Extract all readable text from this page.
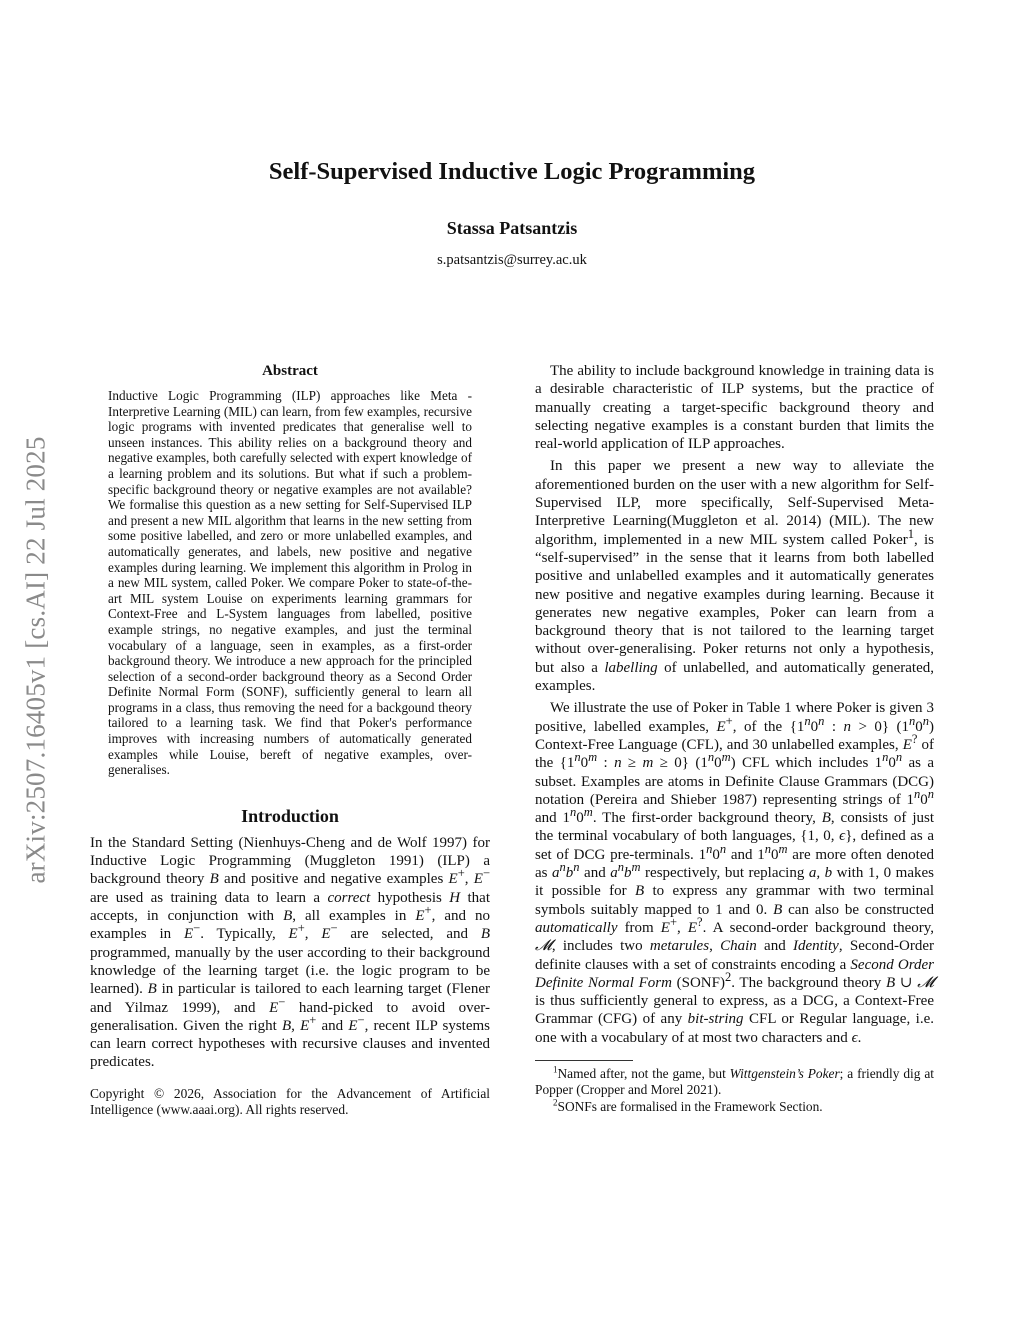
arXiv:2507.16405v1 [cs.AI] 22 Jul 2025
Self-Supervised Inductive Logic Programming
Stassa Patsantzis
s.patsantzis@surrey.ac.uk
Abstract

Inductive Logic Programming (ILP) approaches like Meta - Interpretive Learning (MIL) can learn, from few examples, recursive logic programs with invented predicates that generalise well to unseen instances. This ability relies on a background theory and negative examples, both carefully selected with expert knowledge of a learning problem and its solutions. But what if such a problem-specific background theory or negative examples are not available? We formalise this question as a new setting for Self-Supervised ILP and present a new MIL algorithm that learns in the new setting from some positive labelled, and zero or more unlabelled examples, and automatically generates, and labels, new positive and negative examples during learning. We implement this algorithm in Prolog in a new MIL system, called Poker. We compare Poker to state-of-the-art MIL system Louise on experiments learning grammars for Context-Free and L-System languages from labelled, positive example strings, no negative examples, and just the terminal vocabulary of a language, seen in examples, as a first-order background theory. We introduce a new approach for the principled selection of a second-order background theory as a Second Order Definite Normal Form (SONF), sufficiently general to learn all programs in a class, thus removing the need for a backgound theory tailored to a learning task. We find that Poker's performance improves with increasing numbers of automatically generated examples while Louise, bereft of negative examples, over-generalises.

Introduction

In the Standard Setting (Nienhuys-Cheng and de Wolf 1997) for Inductive Logic Programming (Muggleton 1991) (ILP) a background theory B and positive and negative examples E+, E− are used as training data to learn a correct hypothesis H that accepts, in conjunction with B, all examples in E+, and no examples in E−. Typically, E+, E− are selected, and B programmed, manually by the user according to their background knowledge of the learning target (i.e. the logic program to be learned). B in particular is tailored to each learning target (Flener and Yilmaz 1999), and E− hand-picked to avoid over-generalisation. Given the right B, E+ and E−, recent ILP systems can learn correct hypotheses with recursive clauses and invented predicates.

Copyright © 2026, Association for the Advancement of Artificial Intelligence (www.aaai.org). All rights reserved.

The ability to include background knowledge in training data is a desirable characteristic of ILP systems, but the practice of manually creating a target-specific background theory and selecting negative examples is a constant burden that limits the real-world application of ILP approaches.

In this paper we present a new way to alleviate the aforementioned burden on the user with a new algorithm for Self-Supervised ILP, more specifically, Self-Supervised Meta-Interpretive Learning(Muggleton et al. 2014) (MIL). The new algorithm, implemented in a new MIL system called Poker$^1$, is “self-supervised” in the sense that it learns from both labelled positive and unlabelled examples and it automatically generates new positive and negative examples during learning. Because it generates new negative examples, Poker can learn from a background theory that is not tailored to the learning target without over-generalising. Poker returns not only a hypothesis, but also a labelling of unlabelled, and automatically generated, examples.

We illustrate the use of Poker in Table 1 where Poker is given 3 positive, labelled examples, E+, of the {1$^n$0$^n$ : n > 0} (1$^n$0$^n$) Context-Free Language (CFL), and 30 unlabelled examples, E? of the {1$^n$0$^m$ : n ≥ m ≥ 0} (1$^n$0$^m$) CFL which includes 1$^n$0$^n$ as a subset. Examples are atoms in Definite Clause Grammars (DCG) notation (Pereira and Shieber 1987) representing strings of 1$^n$0$^n$ and 1$^n$0$^m$. The first-order background theory, B, consists of just the terminal vocabulary of both languages, {1, 0, ϵ}, defined as a set of DCG pre-terminals. 1$^n$0$^n$ and 1$^n$0$^m$ are more often denoted as $a^nb^n$ and $a^nb^m$ respectively, but replacing a, b with 1, 0 makes it possible for B to express any grammar with two terminal symbols suitably mapped to 1 and 0. B can also be constructed automatically from E+, E?. A second-order background theory, 𝓜, includes two metarules, Chain and Identity, Second-Order definite clauses with a set of constraints encoding a Second Order Definite Normal Form (SONF)$^2$. The background theory B ∪ 𝓜 is thus sufficiently general to express, as a DCG, a Context-Free Grammar (CFG) of any bit-string CFL or Regular language, i.e. one with a vocabulary of at most two characters and ϵ.

$^1$Named after, not the game, but Wittgenstein’s Poker; a friendly dig at Popper (Cropper and Morel 2021).

$^2$SONFs are formalised in the Framework Section.
